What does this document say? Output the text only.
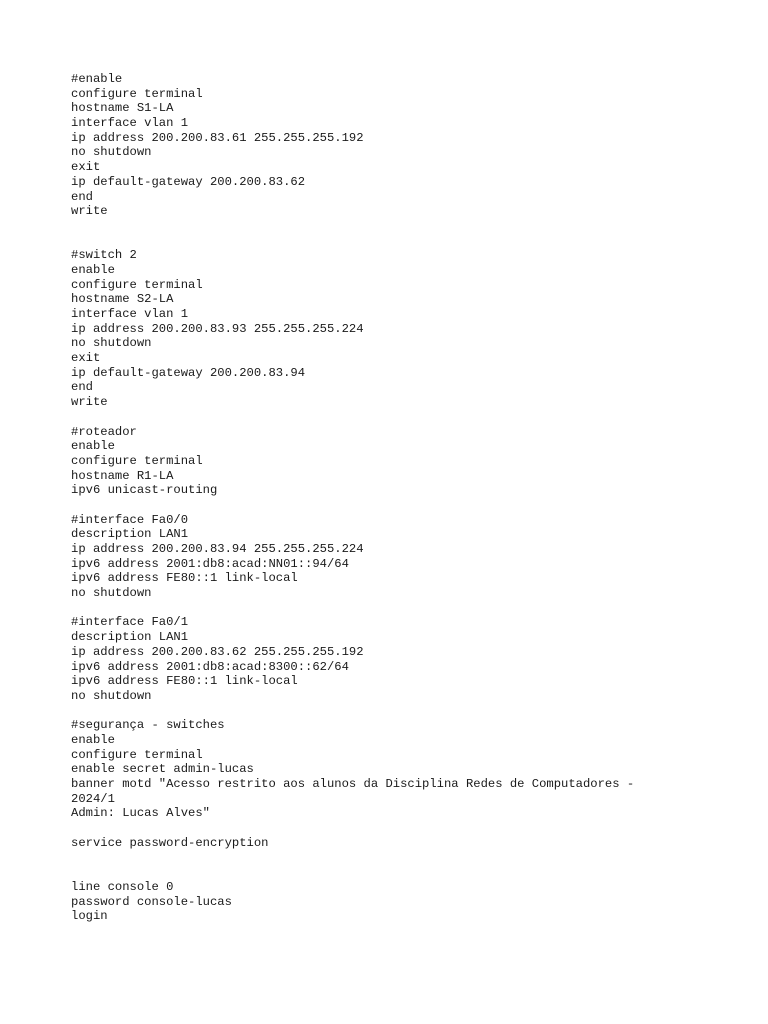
#enable
configure terminal
hostname S1-LA
interface vlan 1
ip address 200.200.83.61 255.255.255.192
no shutdown
exit
ip default-gateway 200.200.83.62
end
write
#switch 2
enable
configure terminal
hostname S2-LA
interface vlan 1
ip address 200.200.83.93 255.255.255.224
no shutdown
exit
ip default-gateway 200.200.83.94
end
write
#roteador
enable
configure terminal
hostname R1-LA
ipv6 unicast-routing
#interface Fa0/0
description LAN1
ip address 200.200.83.94 255.255.255.224
ipv6 address 2001:db8:acad:NN01::94/64
ipv6 address FE80::1 link-local
no shutdown
#interface Fa0/1
description LAN1
ip address 200.200.83.62 255.255.255.192
ipv6 address 2001:db8:acad:8300::62/64
ipv6 address FE80::1 link-local
no shutdown
#segurança - switches
enable
configure terminal
enable secret admin-lucas
banner motd "Acesso restrito aos alunos da Disciplina Redes de Computadores -
2024/1
Admin: Lucas Alves"
service password-encryption
line console 0
password console-lucas
login
